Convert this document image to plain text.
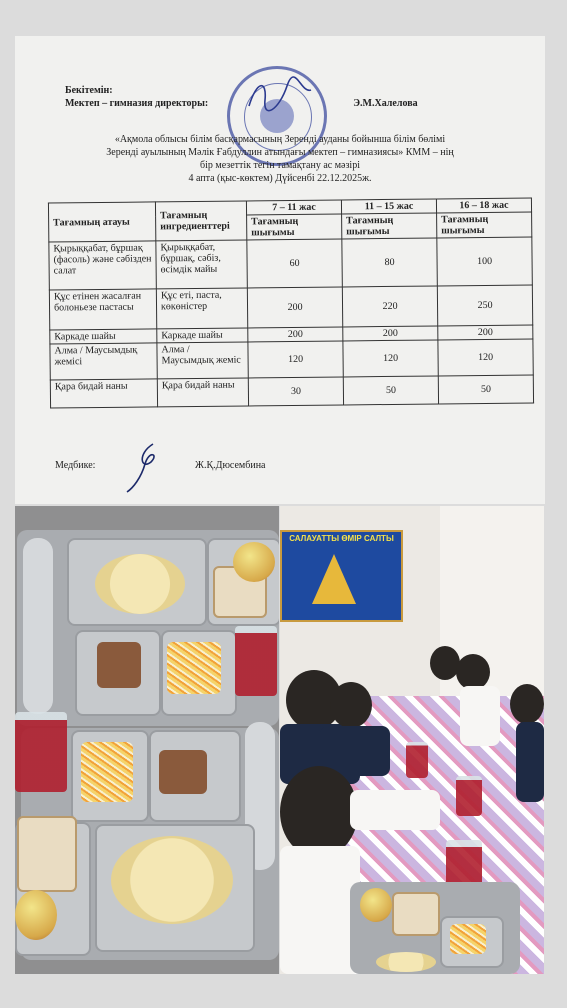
Бекітемін:
Мектеп – гимназия директоры:	Э.М.Халелова
«Ақмола облысы білім басқармасының Зеренді ауданы бойынша білім бөлімі
Зеренді ауылының Мәлік Ғабдуллин атындағы мектеп – гимназиясы» КММ – нің
бір мезеттік тегін тамақтану ас мәзірі
4 апта (қыс-көктем) Дүйсенбі 22.12.2025ж.
Тағамның атауы	Тағамның ингредиенттері	7 – 11 жас	11 – 15 жас	16 – 18 жас
		Тағамның шығымы	Тағамның шығымы	Тағамның шығымы
Қырыққабат, бұршақ (фасоль) және сәбізден салат	Қырыққабат, бұршақ, сәбіз, өсімдік майы	60	80	100
Құс етінен жасалған болоньезе пастасы	Құс еті, паста, көкөністер	200	220	250
Каркаде шайы	Каркаде шайы	200	200	200
Алма / Маусымдық жемісі	Алма / Маусымдық жеміс	120	120	120
Қара бидай наны	Қара бидай наны	30	50	50
Медбике:	Ж.Қ.Дюсембина
САЛАУАТТЫ ӨМІР САЛТЫ
